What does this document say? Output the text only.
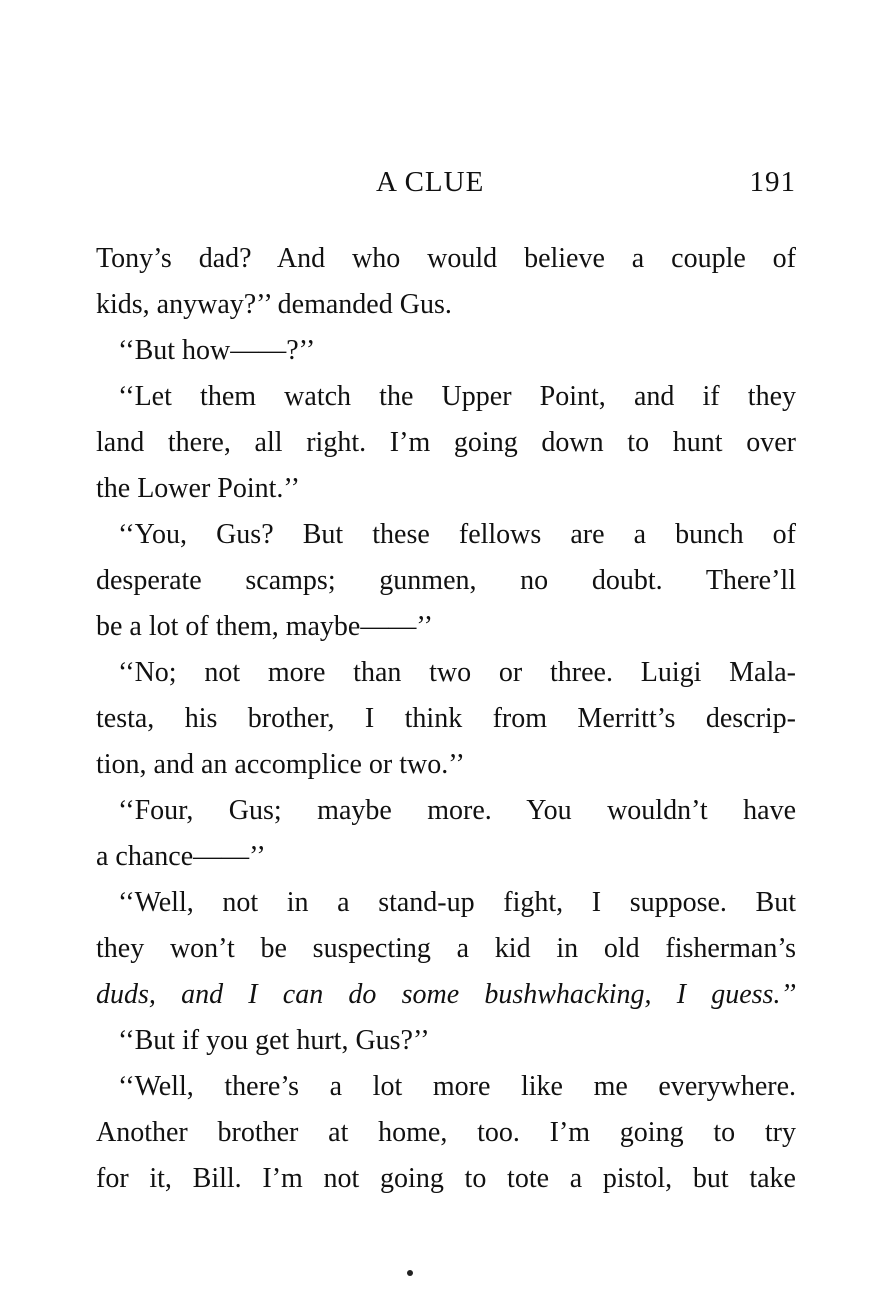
A CLUE	191
Tony’s dad? And who would believe a couple of
kids, anyway?’’ demanded Gus.
‘‘But how——?’’
‘‘Let them watch the Upper Point, and if they
land there, all right. I’m going down to hunt over
the Lower Point.’’
‘‘You, Gus? But these fellows are a bunch of
desperate scamps; gunmen, no doubt. There’ll
be a lot of them, maybe——’’
‘‘No; not more than two or three. Luigi Mala-
testa, his brother, I think from Merritt’s descrip-
tion, and an accomplice or two.’’
‘‘Four, Gus; maybe more. You wouldn’t have
a chance——’’
‘‘Well, not in a stand-up fight, I suppose. But
they won’t be suspecting a kid in old fisherman’s
duds, and I can do some bushwhacking, I guess.’’
‘‘But if you get hurt, Gus?’’
‘‘Well, there’s a lot more like me everywhere.
Another brother at home, too. I’m going to try
for it, Bill. I’m not going to tote a pistol, but take
